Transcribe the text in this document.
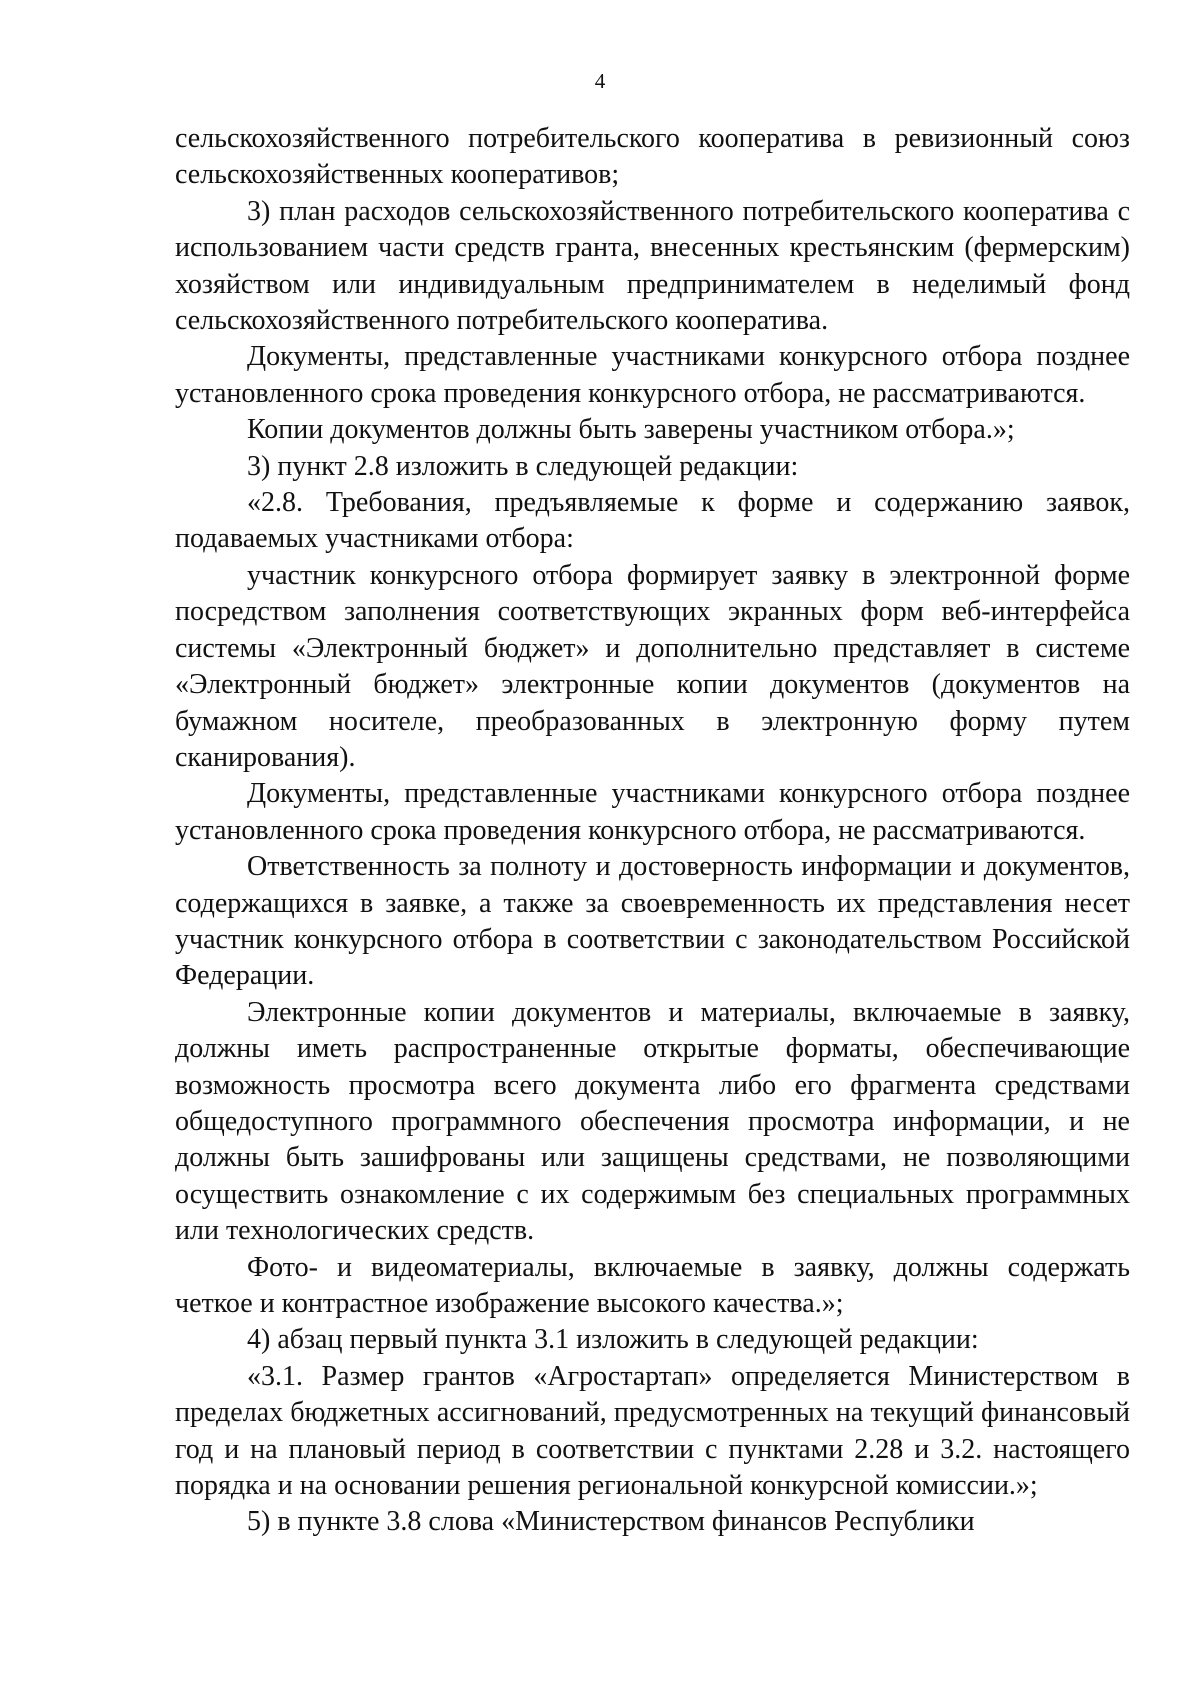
4

сельскохозяйственного потребительского кооператива в ревизионный союз сельскохозяйственных кооперативов;

3) план расходов сельскохозяйственного потребительского кооператива с использованием части средств гранта, внесенных крестьянским (фермерским) хозяйством или индивидуальным предпринимателем в неделимый фонд сельскохозяйственного потребительского кооператива.

Документы, представленные участниками конкурсного отбора позднее установленного срока проведения конкурсного отбора, не рассматриваются.

Копии документов должны быть заверены участником отбора.»;

3) пункт 2.8 изложить в следующей редакции:

«2.8. Требования, предъявляемые к форме и содержанию заявок, подаваемых участниками отбора:

участник конкурсного отбора формирует заявку в электронной форме посредством заполнения соответствующих экранных форм веб-интерфейса системы «Электронный бюджет» и дополнительно представляет в системе «Электронный бюджет» электронные копии документов (документов на бумажном носителе, преобразованных в электронную форму путем сканирования).

Документы, представленные участниками конкурсного отбора позднее установленного срока проведения конкурсного отбора, не рассматриваются.

Ответственность за полноту и достоверность информации и документов, содержащихся в заявке, а также за своевременность их представления несет участник конкурсного отбора в соответствии с законодательством Российской Федерации.

Электронные копии документов и материалы, включаемые в заявку, должны иметь распространенные открытые форматы, обеспечивающие возможность просмотра всего документа либо его фрагмента средствами общедоступного программного обеспечения просмотра информации, и не должны быть зашифрованы или защищены средствами, не позволяющими осуществить ознакомление с их содержимым без специальных программных или технологических средств.

Фото- и видеоматериалы, включаемые в заявку, должны содержать четкое и контрастное изображение высокого качества.»;

4) абзац первый пункта 3.1 изложить в следующей редакции:

«3.1. Размер грантов «Агростартап» определяется Министерством в пределах бюджетных ассигнований, предусмотренных на текущий финансовый год и на плановый период в соответствии с пунктами 2.28 и 3.2. настоящего порядка и на основании решения региональной конкурсной комиссии.»;

5) в пункте 3.8 слова «Министерством финансов Республики
